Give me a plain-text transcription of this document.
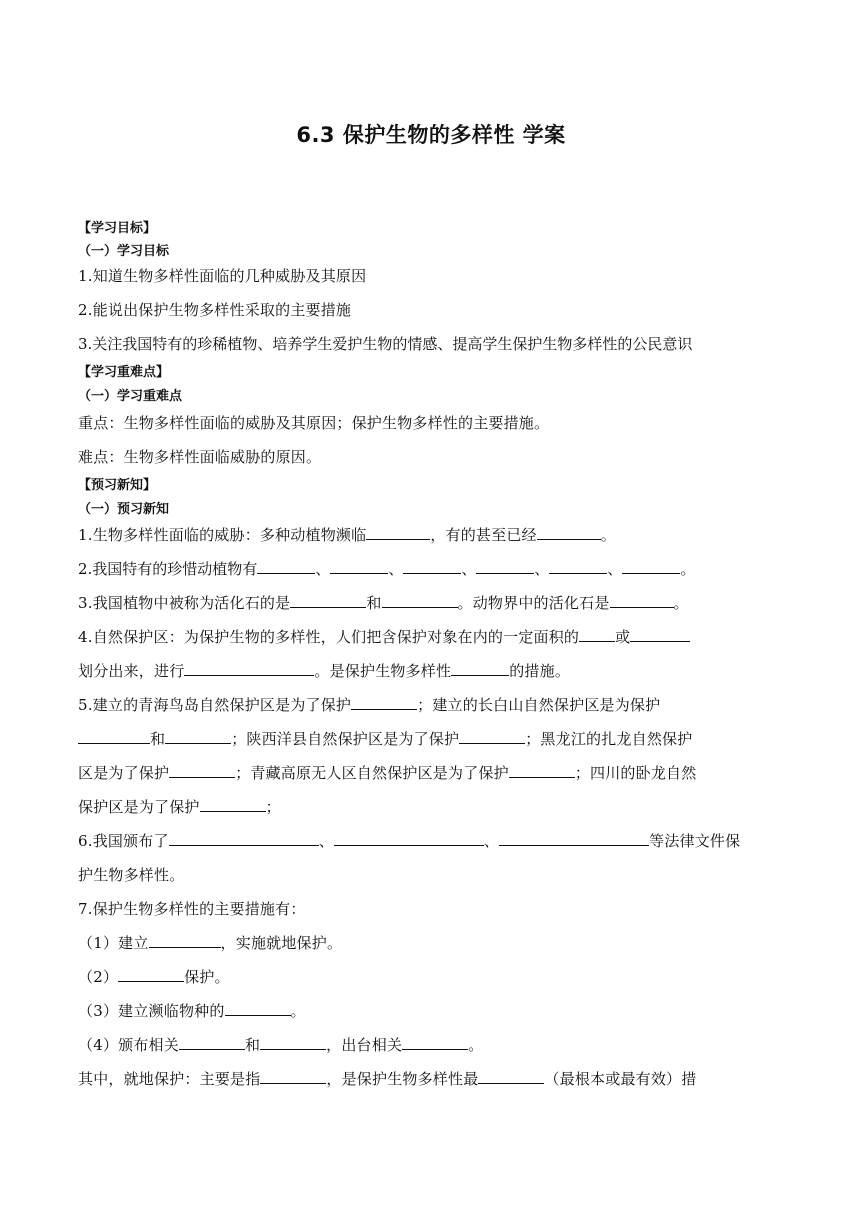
6.3 保护生物的多样性 学案
【学习目标】
（一）学习目标
1.知道生物多样性面临的几种威胁及其原因
2.能说出保护生物多样性采取的主要措施
3.关注我国特有的珍稀植物、培养学生爱护生物的情感、提高学生保护生物多样性的公民意识
【学习重难点】
（一）学习重难点
重点：生物多样性面临的威胁及其原因；保护生物多样性的主要措施。
难点：生物多样性面临威胁的原因。
【预习新知】
（一）预习新知
1.生物多样性面临的威胁：多种动植物濒临	，有的甚至已经	。
2.我国特有的珍惜动植物有	、	、	、	、	、	。
3.我国植物中被称为活化石的是	和	。动物界中的活化石是	。
4.自然保护区：为保护生物的多样性，人们把含保护对象在内的一定面积的 或
划分出来，进行	。是保护生物多样性	的措施。
5.建立的青海鸟岛自然保护区是为了保护	；建立的长白山自然保护区是为保护
和	；陕西洋县自然保护区是为了保护	；黑龙江的扎龙自然保护
区是为了保护	；青藏高原无人区自然保护区是为了保护	；四川的卧龙自然
保护区是为了保护	；
6.我国颁布了	、	、	等法律文件保
护生物多样性。
7.保护生物多样性的主要措施有：
（1）建立	，实施就地保护。
（2）	保护。
（3）建立濒临物种的	。
（4）颁布相关	和	，出台相关	。
其中，就地保护：主要是指	，是保护生物多样性最	（最根本或最有效）措
